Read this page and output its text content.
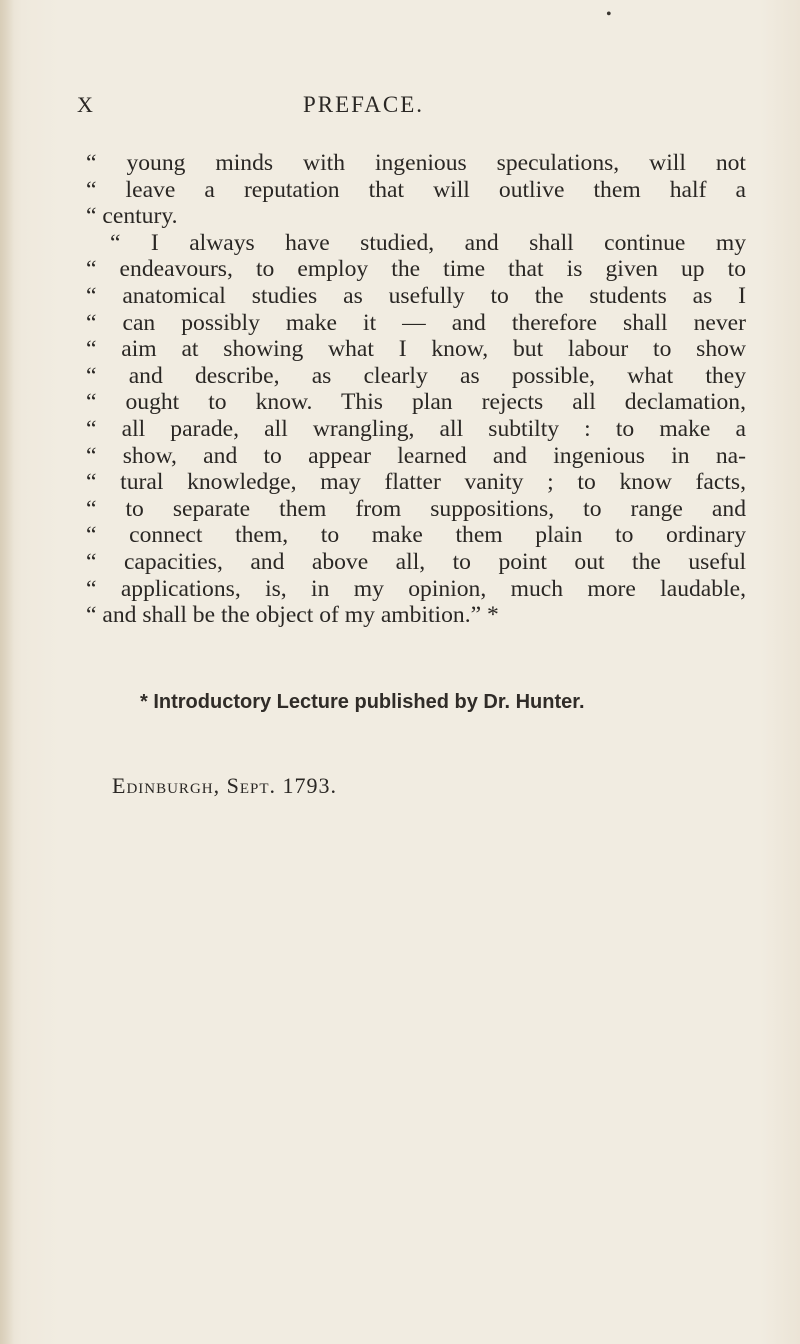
•
X	PREFACE.
“ young minds with ingenious speculations, will not
“ leave a reputation that will outlive them half a
“ century.
“ I always have studied, and shall continue my
“ endeavours, to employ the time that is given up to
“ anatomical studies as usefully to the students as I
“ can possibly make it — and therefore shall never
“ aim at showing what I know, but labour to show
“ and describe, as clearly as possible, what they
“ ought to know. This plan rejects all declamation,
“ all parade, all wrangling, all subtilty : to make a
“ show, and to appear learned and ingenious in na-
“ tural knowledge, may flatter vanity ; to know facts,
“ to separate them from suppositions, to range and
“ connect them, to make them plain to ordinary
“ capacities, and above all, to point out the useful
“ applications, is, in my opinion, much more laudable,
“ and shall be the object of my ambition.” *
* Introductory Lecture published by Dr. Hunter.
Edinburgh, Sept. 1793.
